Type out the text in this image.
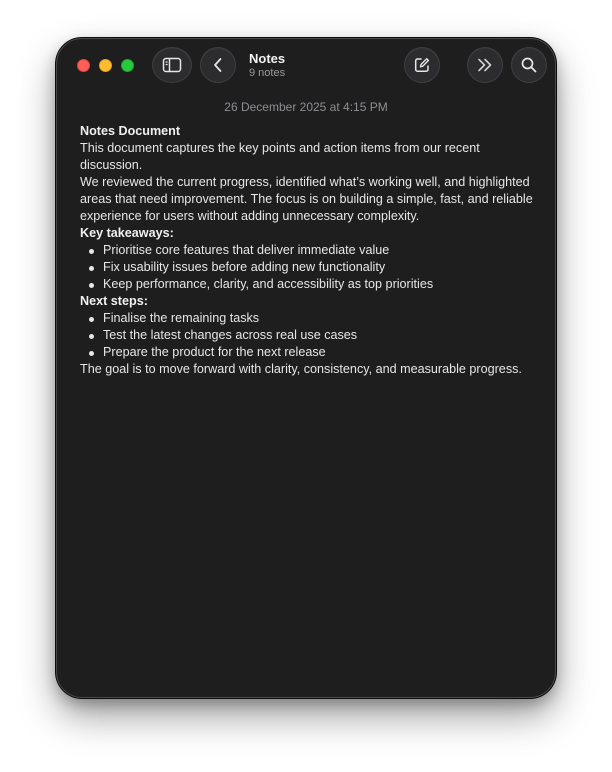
Notes
9 notes
26 December 2025 at 4:15 PM

Notes Document

This document captures the key points and action items from our recent discussion.

We reviewed the current progress, identified what’s working well, and highlighted areas that need improvement. The focus is on building a simple, fast, and reliable experience for users without adding unnecessary complexity.

Key takeaways:

Prioritise core features that deliver immediate value
Fix usability issues before adding new functionality
Keep performance, clarity, and accessibility as top priorities

Next steps:

Finalise the remaining tasks
Test the latest changes across real use cases
Prepare the product for the next release

The goal is to move forward with clarity, consistency, and measurable progress.
